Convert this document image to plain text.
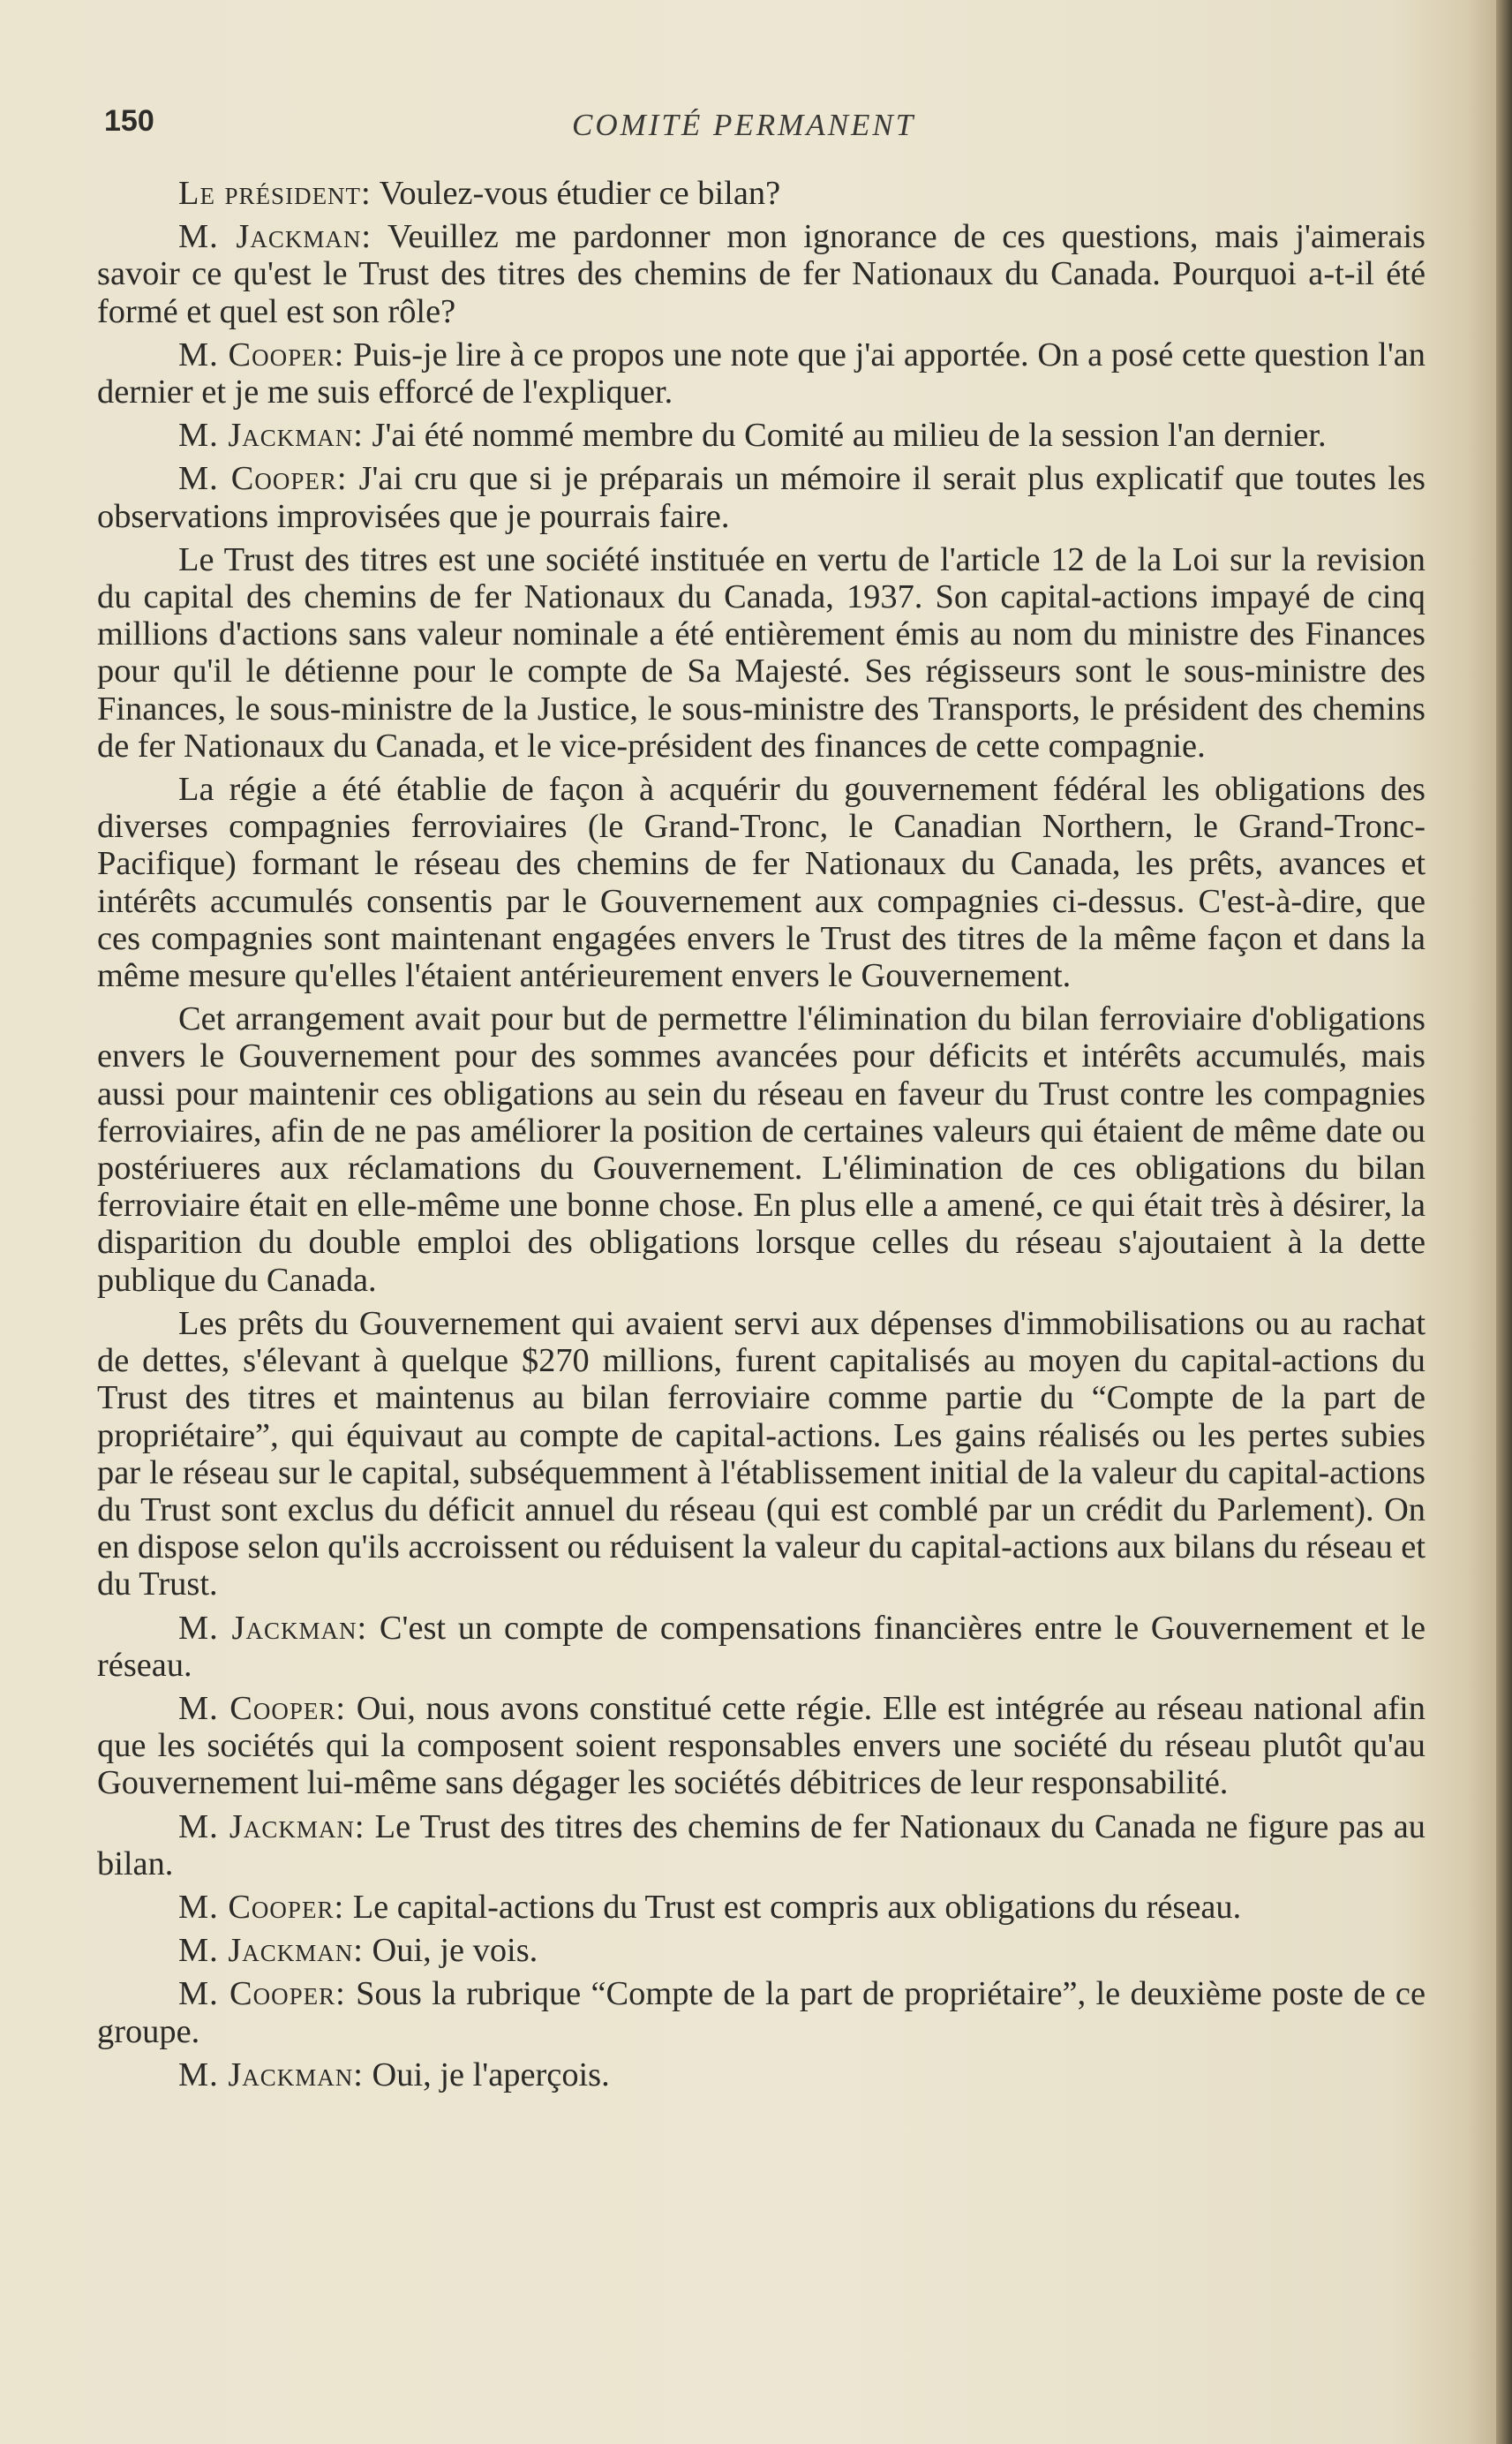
150	COMITÉ PERMANENT

Le président: Voulez-vous étudier ce bilan?

M. Jackman: Veuillez me pardonner mon ignorance de ces questions, mais j'aimerais savoir ce qu'est le Trust des titres des chemins de fer Nationaux du Canada. Pourquoi a-t-il été formé et quel est son rôle?

M. Cooper: Puis-je lire à ce propos une note que j'ai apportée. On a posé cette question l'an dernier et je me suis efforcé de l'expliquer.

M. Jackman: J'ai été nommé membre du Comité au milieu de la session l'an dernier.

M. Cooper: J'ai cru que si je préparais un mémoire il serait plus explicatif que toutes les observations improvisées que je pourrais faire.

Le Trust des titres est une société instituée en vertu de l'article 12 de la Loi sur la revision du capital des chemins de fer Nationaux du Canada, 1937. Son capital-actions impayé de cinq millions d'actions sans valeur nominale a été entièrement émis au nom du ministre des Finances pour qu'il le détienne pour le compte de Sa Majesté. Ses régisseurs sont le sous-ministre des Finances, le sous-ministre de la Justice, le sous-ministre des Transports, le président des chemins de fer Nationaux du Canada, et le vice-président des finances de cette compagnie.

La régie a été établie de façon à acquérir du gouvernement fédéral les obligations des diverses compagnies ferroviaires (le Grand-Tronc, le Canadian Northern, le Grand-Tronc-Pacifique) formant le réseau des chemins de fer Nationaux du Canada, les prêts, avances et intérêts accumulés consentis par le Gouvernement aux compagnies ci-dessus. C'est-à-dire, que ces compagnies sont maintenant engagées envers le Trust des titres de la même façon et dans la même mesure qu'elles l'étaient antérieurement envers le Gouvernement.

Cet arrangement avait pour but de permettre l'élimination du bilan ferroviaire d'obligations envers le Gouvernement pour des sommes avancées pour déficits et intérêts accumulés, mais aussi pour maintenir ces obligations au sein du réseau en faveur du Trust contre les compagnies ferroviaires, afin de ne pas améliorer la position de certaines valeurs qui étaient de même date ou postériueres aux réclamations du Gouvernement. L'élimination de ces obligations du bilan ferroviaire était en elle-même une bonne chose. En plus elle a amené, ce qui était très à désirer, la disparition du double emploi des obligations lorsque celles du réseau s'ajoutaient à la dette publique du Canada.

Les prêts du Gouvernement qui avaient servi aux dépenses d'immobilisations ou au rachat de dettes, s'élevant à quelque $270 millions, furent capitalisés au moyen du capital-actions du Trust des titres et maintenus au bilan ferroviaire comme partie du “Compte de la part de propriétaire”, qui équivaut au compte de capital-actions. Les gains réalisés ou les pertes subies par le réseau sur le capital, subséquemment à l'établissement initial de la valeur du capital-actions du Trust sont exclus du déficit annuel du réseau (qui est comblé par un crédit du Parlement). On en dispose selon qu'ils accroissent ou réduisent la valeur du capital-actions aux bilans du réseau et du Trust.

M. Jackman: C'est un compte de compensations financières entre le Gouvernement et le réseau.

M. Cooper: Oui, nous avons constitué cette régie. Elle est intégrée au réseau national afin que les sociétés qui la composent soient responsables envers une société du réseau plutôt qu'au Gouvernement lui-même sans dégager les sociétés débitrices de leur responsabilité.

M. Jackman: Le Trust des titres des chemins de fer Nationaux du Canada ne figure pas au bilan.

M. Cooper: Le capital-actions du Trust est compris aux obligations du réseau.

M. Jackman: Oui, je vois.

M. Cooper: Sous la rubrique “Compte de la part de propriétaire”, le deuxième poste de ce groupe.

M. Jackman: Oui, je l'aperçois.
